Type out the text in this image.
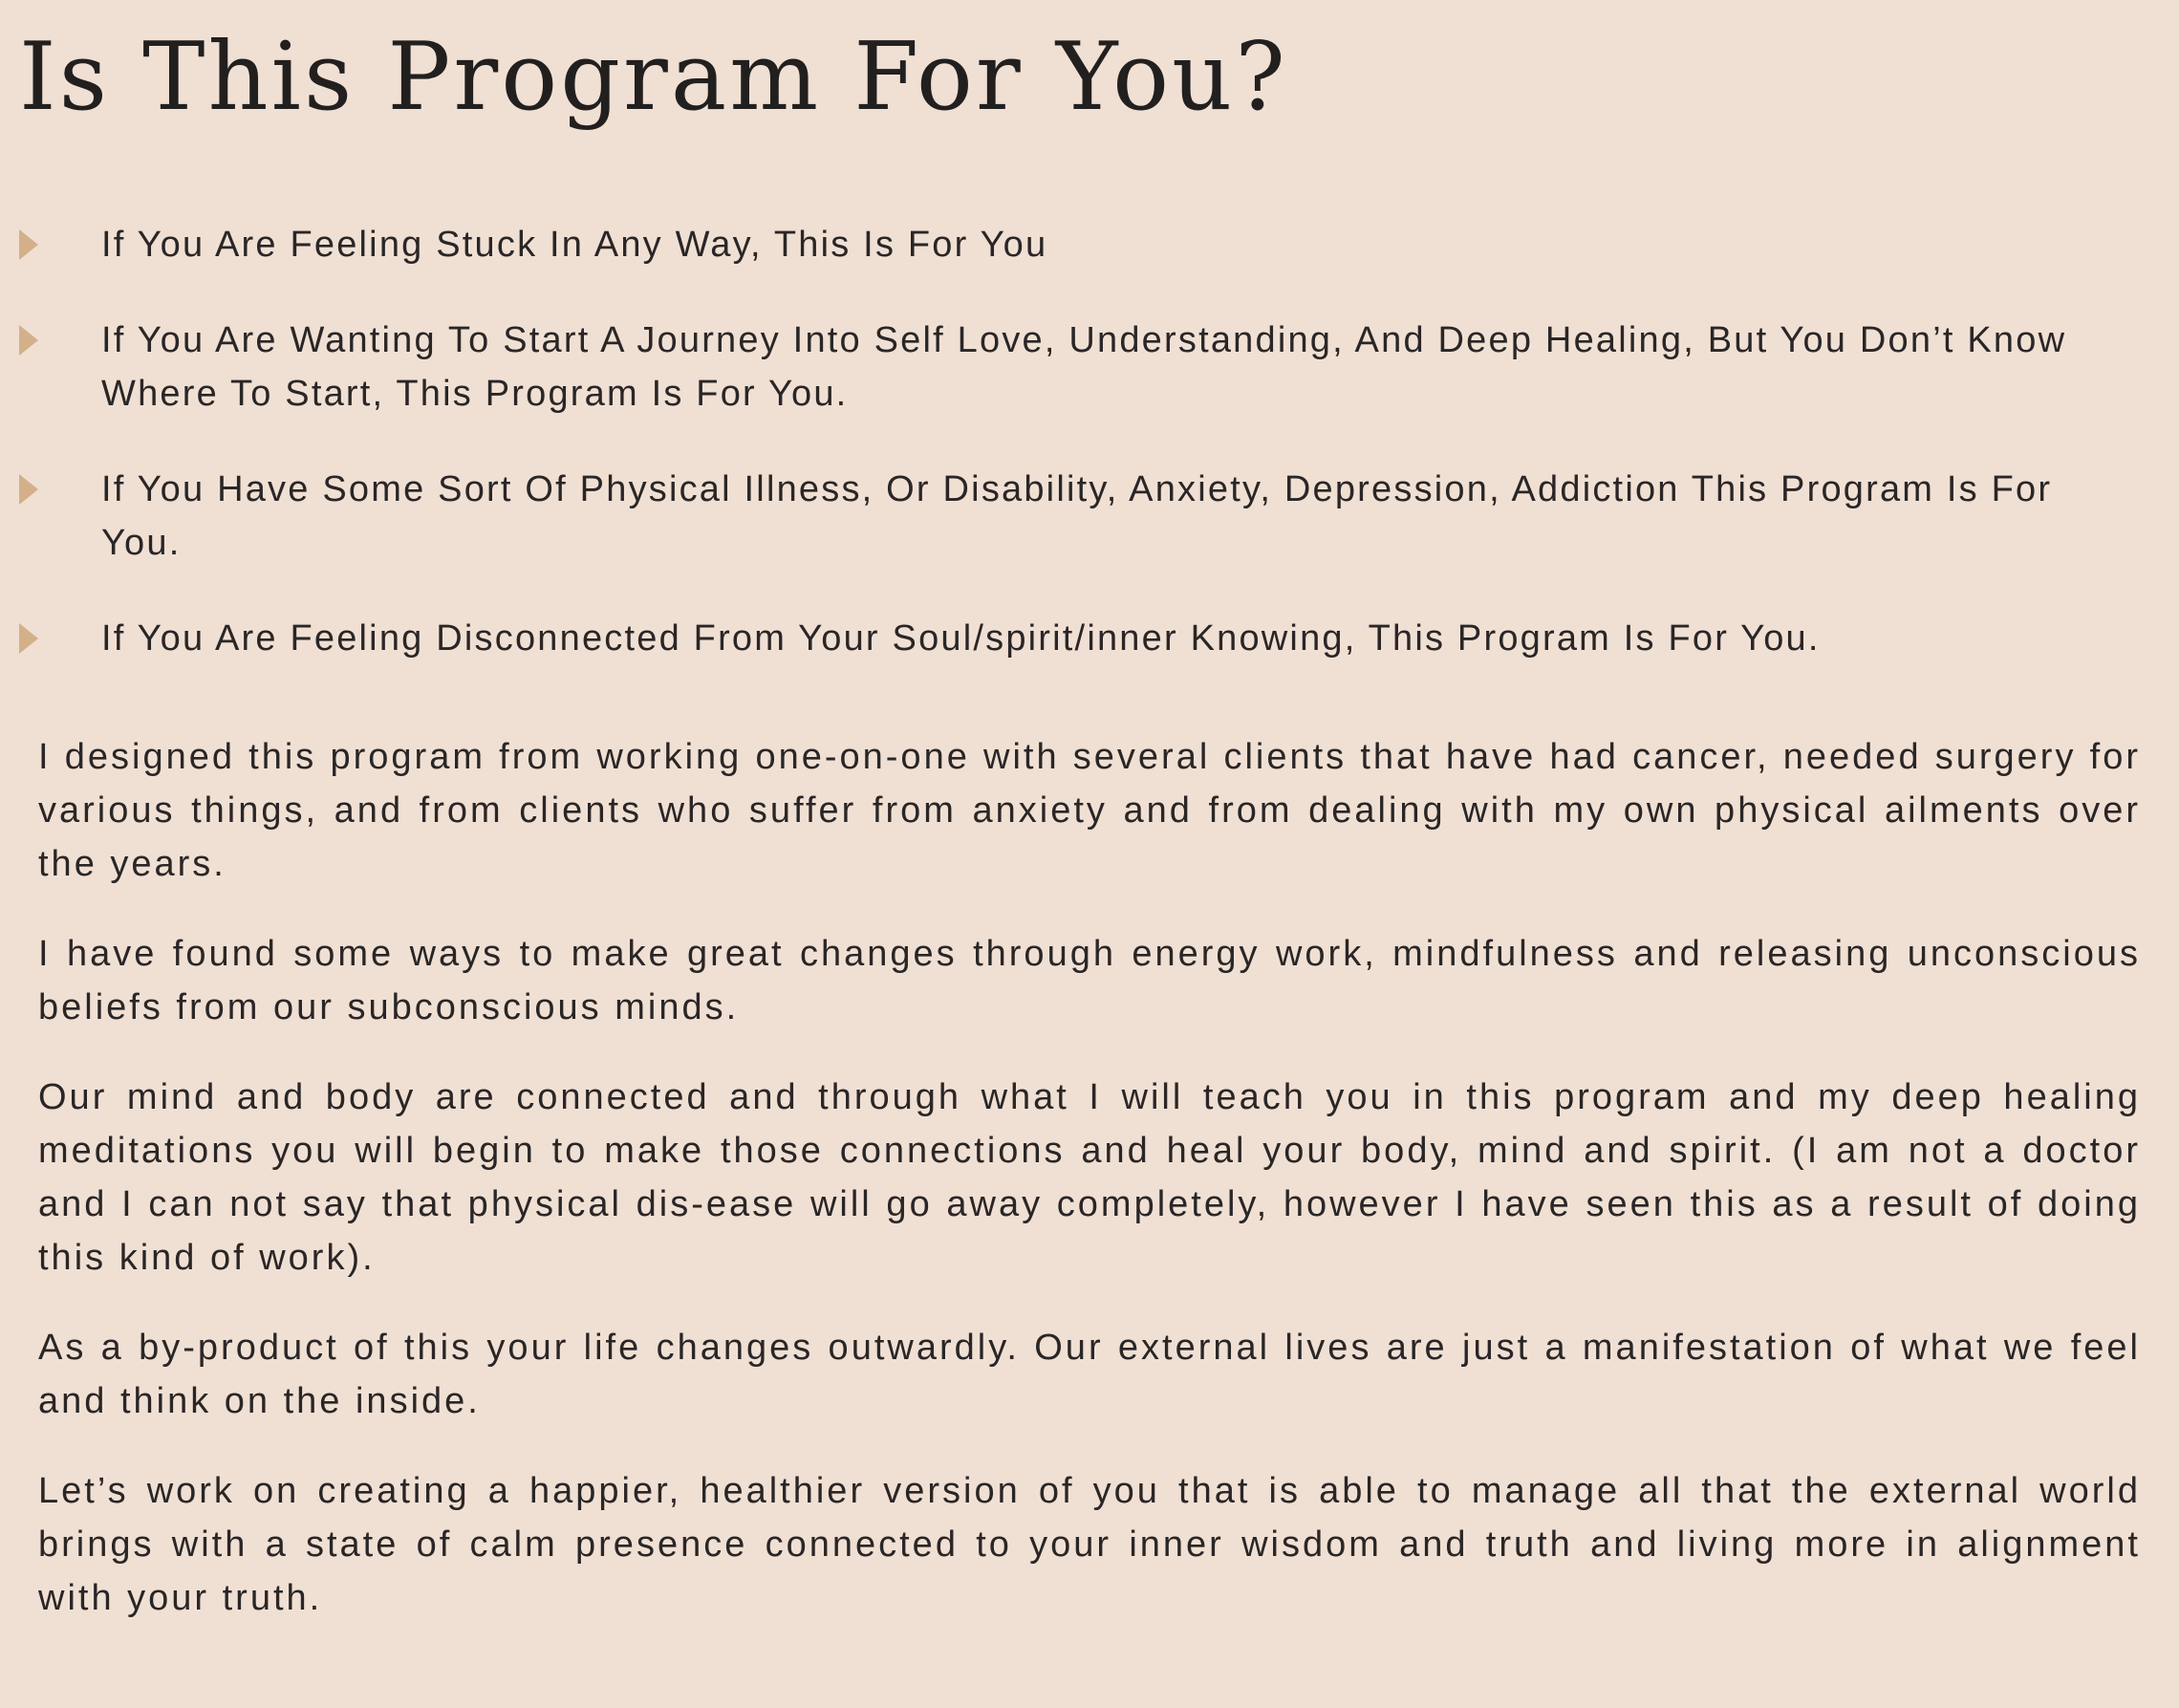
Is This Program For You?
If You Are Feeling Stuck In Any Way, This Is For You
If You Are Wanting To Start A Journey Into Self Love, Understanding, And Deep Healing, But You Don’t Know Where To Start, This Program Is For You.
If You Have Some Sort Of Physical Illness, Or Disability, Anxiety, Depression, Addiction This Program Is For You.
If You Are Feeling Disconnected From Your Soul/spirit/inner Knowing, This Program Is For You.

I designed this program from working one-on-one with several clients that have had cancer, needed surgery for various things, and from clients who suffer from anxiety and from dealing with my own physical ailments over the years.

I have found some ways to make great changes through energy work, mindfulness and releasing unconscious beliefs from our subconscious minds.

Our mind and body are connected and through what I will teach you in this program and my deep healing meditations you will begin to make those connections and heal your body, mind and spirit. (I am not a doctor and I can not say that physical dis-ease will go away completely, however I have seen this as a result of doing this kind of work).

As a by-product of this your life changes outwardly. Our external lives are just a manifestation of what we feel and think on the inside.

Let’s work on creating a happier, healthier version of you that is able to manage all that the external world brings with a state of calm presence connected to your inner wisdom and truth and living more in alignment with your truth.
